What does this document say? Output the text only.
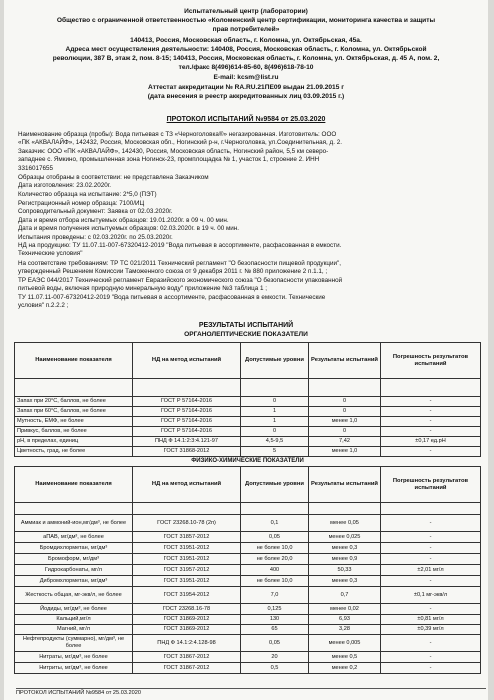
Испытательный центр (лаборатории)
Общество с ограниченной ответственностью «Коломенский центр сертификации, мониторинга качества и защиты
прав потребителей»
140413, Россия, Московская область, г. Коломна, ул. Октябрьская, 45а.
Адреса мест осуществления деятельности: 140408, Россия, Московская область, г. Коломна, ул. Октябрьской
революции, 387 В, этаж 2, пом. 8-15; 140413, Россия, Московская область, г. Коломна, ул. Октябрьская, д. 45 А, пом. 2,
тел./факс 8(496)614-85-60, 8(496)618-78-10
E-mail: kcsm@list.ru
Аттестат аккредитации № RA.RU.21ПЕ09 выдан 21.09.2015 г
(дата внесения в реестр аккредитованных лиц 03.09.2015 г.)
ПРОТОКОЛ ИСПЫТАНИЙ №9584 от 25.03.2020
Наименование образца (пробы): Вода питьевая с ТЗ «Черноголовка®» негазированная. Изготовитель: ООО
«ПК «АКВАЛАЙФ», 142432, Россия, Московская обл., Ногинский р-н, г.Черноголовка, ул.Соединительная, д. 2.
Заказчик: ООО «ПК «АКВАЛАЙФ», 142430, Россия, Московская область, Ногинский район, 5,5 км северо-
западнее с. Ямкино, промышленная зона Ногинск-23, промплощадка № 1, участок 1, строение 2. ИНН
3316017655
Образцы отобраны в соответствии: не представлена Заказчиком
Дата изготовления: 23.02.2020г.
Количество образца на испытание: 2*5,0 (ПЭТ)
Регистрационный номер образца: 7100/ИЦ
Сопроводительный документ: Заявка от 02.03.2020г.
Дата и время отбора испытуемых образцов: 19.01.2020г. в 09 ч. 00 мин.
Дата и время получения испытуемых образцов: 02.03.2020г. в 19 ч. 00 мин.
Испытания проведены: с 02.03.2020г. по 25.03.2020г.
НД на продукцию: ТУ 11.07.11-007-67320412-2019 "Вода питьевая в ассортименте, расфасованная в емкости.
Технические условия"
На соответствие требованиям: ТР ТС 021/2011 Технический регламент "О безопасности пищевой продукции",
утвержденный Решением Комиссии Таможенного союза от 9 декабря 2011 г. № 880 приложение 2 п.1.1, ;
ТР ЕАЭС 044/2017 Технический регламент Евразийского экономического союза "О безопасности упакованной
питьевой воды, включая природную минеральную воду" приложение №3 таблица 1 ;
ТУ 11.07.11-007-67320412-2019 "Вода питьевая в ассортименте, расфасованная в емкости. Технические
условия" п.2.2.2 ;
РЕЗУЛЬТАТЫ ИСПЫТАНИЙ
ОРГАНОЛЕПТИЧЕСКИЕ ПОКАЗАТЕЛИ
Наименование показателя	НД на метод испытаний	Допустимые уровни	Результаты испытаний	Погрешность результатов испытаний

Запах при 20°С, баллов, не более	ГОСТ Р 57164-2016	0	0	-
Запах при 60°С, баллов, не более	ГОСТ Р 57164-2016	1	0	-
Мутность, ЕМФ, не более	ГОСТ Р 57164-2016	1	менее 1,0	-
Привкус, баллов, не более	ГОСТ Р 57164-2016	0	0	-
рН, в пределах, единиц	ПНД Ф 14.1:2:3:4.121-97	4,5-9,5	7,42	±0,17 ед.рН
Цветность, град, не более	ГОСТ 31868-2012	5	менее 1,0	-
ФИЗИКО-ХИМИЧЕСКИЕ ПОКАЗАТЕЛИ				
Наименование показателя	НД на метод испытаний	Допустимые уровни	Результаты испытаний	Погрешность результатов испытаний

Аммиак и аммоний-ион,мг/дм³, не более	ГОСТ 23268.10-78 (2п)	0,1	менее 0,05	-
аПАВ, мг/дм³, не более	ГОСТ 31857-2012	0,05	менее 0,025	-
Бромдихлорметан, мг/дм³	ГОСТ 31951-2012	не более 10,0	менее 0,3	-
Бромоформ, мг/дм³	ГОСТ 31951-2012	не более 20,0	менее 0,9	-
Гидрокарбонаты, мг/л	ГОСТ 31957-2012	400	50,33	±2,01 мг/л
Дибромхлорметан, мг/дм³	ГОСТ 31951-2012	не более 10,0	менее 0,3	-
Жесткость общая, мг-экв/л, не более	ГОСТ 31954-2012	7,0	0,7	±0,1 мг-экв/л
Йодиды, мг/дм³, не более	ГОСТ 23268.16-78	0,125	менее 0,02	-
Кальций,мг/л	ГОСТ 31869-2012	130	6,93	±0,81 мг/л
Магний, мг/л	ГОСТ 31869-2012	65	3,28	±0,39 мг/л
Нефтепродукты (суммарно), мг/дм³, не более	ПНД Ф 14.1:2:4.128-98	0,05	менее 0,005	-
Нитраты, мг/дм³, не более	ГОСТ 31867-2012	20	менее 0,5	-
Нитриты, мг/дм³, не более	ГОСТ 31867-2012	0,5	менее 0,2	-
ПРОТОКОЛ ИСПЫТАНИЙ №9584 от 25.03.2020
